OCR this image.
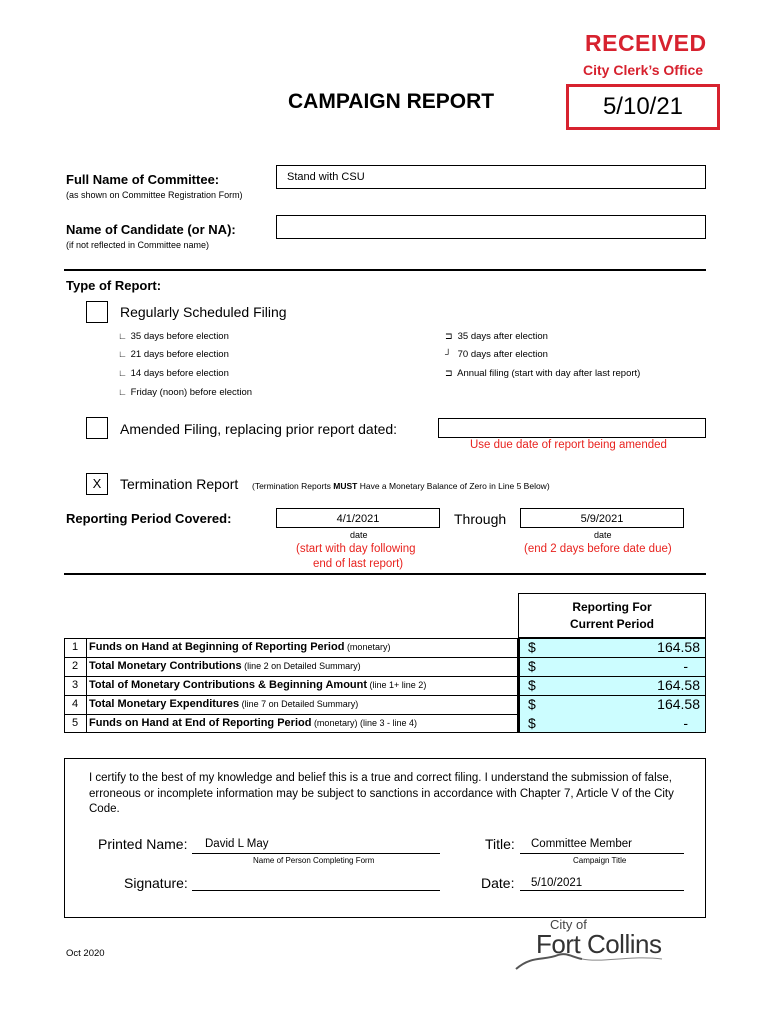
RECEIVED
City Clerk’s Office
5/10/21
CAMPAIGN REPORT
Full Name of Committee:
(as shown on Committee Registration Form)
Stand with CSU
Name of Candidate (or NA):
(if not reflected in Committee name)
Type of Report:
Regularly Scheduled Filing
∟ 35 days before election
∟ 21 days before election
∟ 14 days before election
∟ Friday (noon) before election
⊐ 35 days after election
┘ 70 days after election
⊐ Annual filing (start with day after last report)
Amended Filing, replacing prior report dated:
Use due date of report being amended
X	Termination Report (Termination Reports MUST Have a Monetary Balance of Zero in Line 5 Below)
Reporting Period Covered:	4/1/2021
date
(start with day following
end of last report)
Through	5/9/2021
date
(end 2 days before date due)
Reporting For
Current Period
1 Funds on Hand at Beginning of Reporting Period (monetary)	$	164.58
2 Total Monetary Contributions (line 2 on Detailed Summary)	$	-
3 Total of Monetary Contributions & Beginning Amount (line 1+ line 2)	$	164.58
4 Total Monetary Expenditures (line 7 on Detailed Summary)	$	164.58
5 Funds on Hand at End of Reporting Period (monetary) (line 3 - line 4)	$	-
I certify to the best of my knowledge and belief this is a true and correct filing. I understand the submission of false, erroneous or incomplete information may be subject to sanctions in accordance with Chapter 7, Article V of the City Code.
Printed Name: David L May
Name of Person Completing Form
Title: Committee Member
Campaign Title
Signature:	Date: 5/10/2021
Oct 2020
City of
Fort Collins
